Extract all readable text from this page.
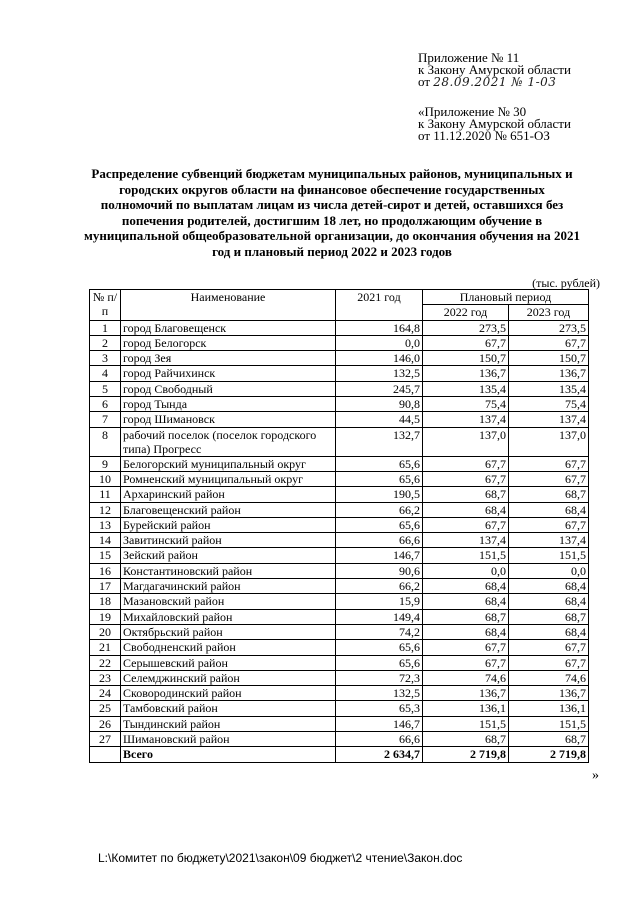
Приложение № 11
к Закону Амурской области
от 28.09.2021 № 1-03
«Приложение № 30
к Закону Амурской области
от 11.12.2020 № 651-ОЗ
Распределение субвенций бюджетам муниципальных районов, муниципальных и городских округов области на финансовое обеспечение государственных полномочий по выплатам лицам из числа детей-сирот и детей, оставшихся без попечения родителей, достигшим 18 лет, но продолжающим обучение в муниципальной общеобразовательной организации, до окончания обучения на 2021 год и плановый период 2022 и 2023 годов
(тыс. рублей)
№ п/п	Наименование	2021 год	Плановый период	
			2022 год	2023 год
1	город Благовещенск	164,8	273,5	273,5
2	город Белогорск	0,0	67,7	67,7
3	город Зея	146,0	150,7	150,7
4	город Райчихинск	132,5	136,7	136,7
5	город Свободный	245,7	135,4	135,4
6	город Тында	90,8	75,4	75,4
7	город Шимановск	44,5	137,4	137,4
8	рабочий поселок (поселок городского типа) Прогресс	132,7	137,0	137,0
9	Белогорский муниципальный округ	65,6	67,7	67,7
10	Ромненский муниципальный округ	65,6	67,7	67,7
11	Архаринский район	190,5	68,7	68,7
12	Благовещенский район	66,2	68,4	68,4
13	Бурейский район	65,6	67,7	67,7
14	Завитинский район	66,6	137,4	137,4
15	Зейский район	146,7	151,5	151,5
16	Константиновский район	90,6	0,0	0,0
17	Магдагачинский район	66,2	68,4	68,4
18	Мазановский район	15,9	68,4	68,4
19	Михайловский район	149,4	68,7	68,7
20	Октябрьский район	74,2	68,4	68,4
21	Свободненский район	65,6	67,7	67,7
22	Серышевский район	65,6	67,7	67,7
23	Селемджинский район	72,3	74,6	74,6
24	Сковородинский район	132,5	136,7	136,7
25	Тамбовский район	65,3	136,1	136,1
26	Тындинский район	146,7	151,5	151,5
27	Шимановский район	66,6	68,7	68,7
	Всего	2 634,7	2 719,8	2 719,8
»
L:\Комитет по бюджету\2021\закон\09 бюджет\2 чтение\Закон.doc
